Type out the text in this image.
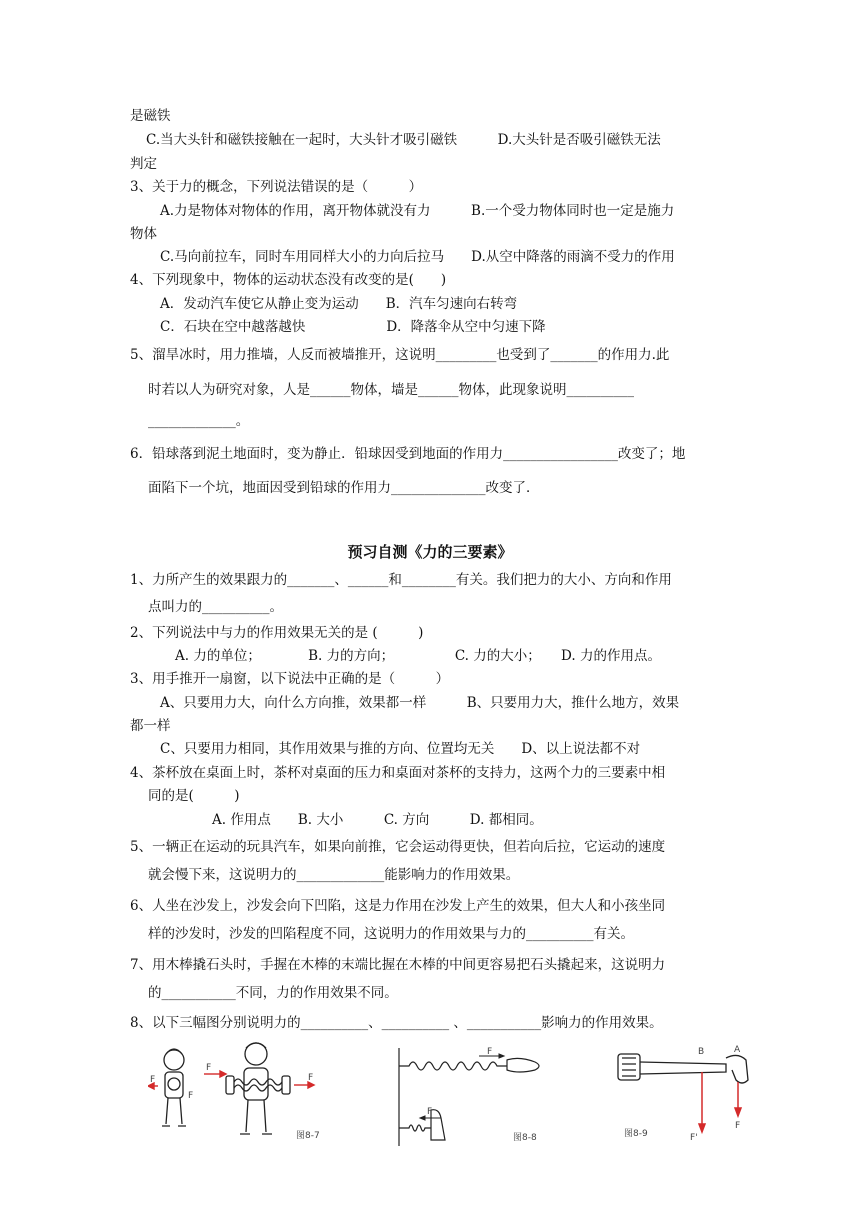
是磁铁
C.当大头针和磁铁接触在一起时，大头针才吸引磁铁　　　D.大头针是否吸引磁铁无法
判定
3、关于力的概念，下列说法错误的是（　　　）
A.力是物体对物体的作用，离开物体就没有力　　　B.一个受力物体同时也一定是施力
物体
C.马向前拉车，同时车用同样大小的力向后拉马　　D.从空中降落的雨滴不受力的作用
4、下列现象中，物体的运动状态没有改变的是(　　)
A．发动汽车使它从静止变为运动　　B．汽车匀速向右转弯
C．石块在空中越落越快　　　　　　D．降落伞从空中匀速下降
5、溜旱冰时，用力推墙，人反而被墙推开，这说明_________也受到了_______的作用力.此
时若以人为研究对象，人是______物体，墙是______物体，此现象说明__________
_____________。
6．铅球落到泥土地面时，变为静止．铅球因受到地面的作用力_________________改变了；地
面陷下一个坑，地面因受到铅球的作用力______________改变了．
预习自测《力的三要素》
1、力所产生的效果跟力的_______、______和________有关。我们把力的大小、方向和作用
点叫力的__________。
2、下列说法中与力的作用效果无关的是 (　　　)
A. 力的单位；　　　　B. 力的方向；　　　　　C. 力的大小；　　D. 力的作用点。
3、用手推开一扇窗，以下说法中正确的是（　　　）
A、只要用力大，向什么方向推，效果都一样　　　B、只要用力大，推什么地方，效果
都一样
C、只要用力相同，其作用效果与推的方向、位置均无关　　D、以上说法都不对
4、茶杯放在桌面上时，茶杯对桌面的压力和桌面对茶杯的支持力，这两个力的三要素中相
同的是(　　　)
A. 作用点　　B. 大小　　　C. 方向　　　D. 都相同。
5、一辆正在运动的玩具汽车，如果向前推，它会运动得更快，但若向后拉，它运动的速度
就会慢下来，这说明力的_____________能影响力的作用效果。
6、人坐在沙发上，沙发会向下凹陷，这是力作用在沙发上产生的效果，但大人和小孩坐同
样的沙发时，沙发的凹陷程度不同，这说明力的作用效果与力的__________有关。
7、用木棒撬石头时，手握在木棒的末端比握在木棒的中间更容易把石头撬起来，这说明力
的___________不同，力的作用效果不同。
8、以下三幅图分别说明力的__________、__________ 、___________影响力的作用效果。
F
F
F
F
图8-7
F
F
图8-8
B	A
F'
F
图8-9
